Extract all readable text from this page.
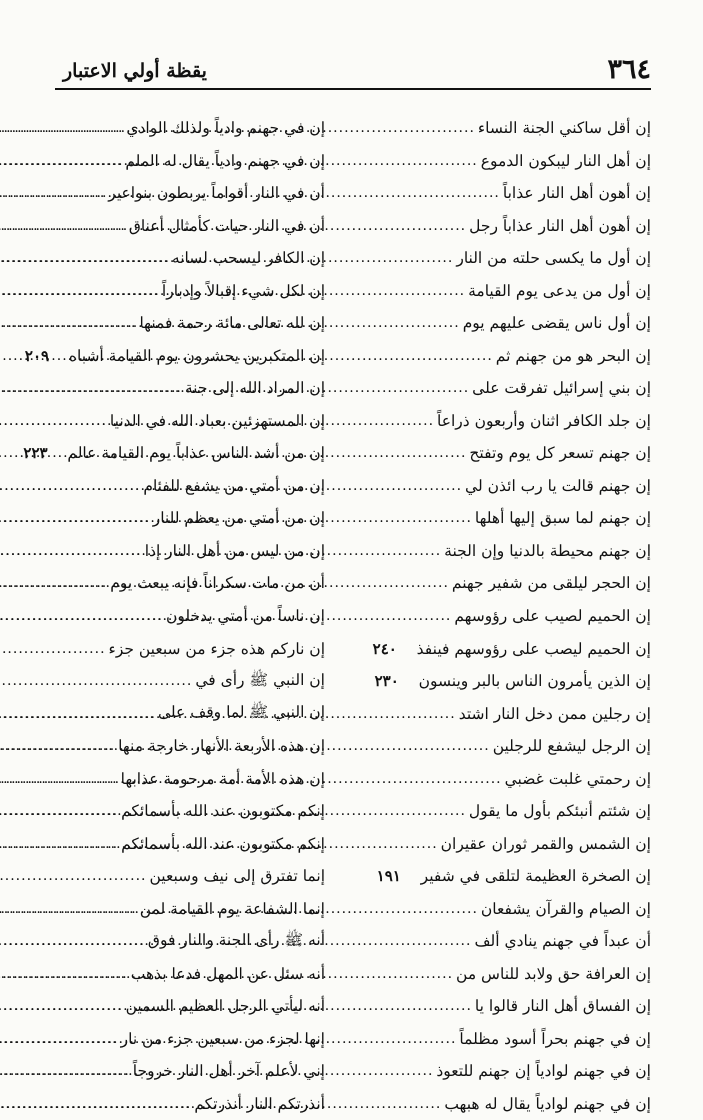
٣٦٤
يقظة أولي الاعتبار
إن أقل ساكني الجنة النساء
.....
إن أهل النار ليبكون الدموع
.....
إن أهون أهل النار عذاباً
.....
إن أهون أهل النار عذاباً رجل
.....
إن أول ما يكسى حلته من النار
.....
إن أول من يدعى يوم القيامة
.....
إن أول ناس يقضى عليهم يوم
.....
إن البحر هو من جهنم ثم
.....
إن بني إسرائيل تفرقت على
.....
إن جلد الكافر اثنان وأربعون ذراعاً
.....
إن جهنم تسعر كل يوم وتفتح
.....
إن جهنم قالت يا رب ائذن لي
.....
إن جهنم لما سبق إليها أهلها
.....
إن جهنم محيطة بالدنيا وإن الجنة
.....
إن الحجر ليلقى من شفير جهنم
.....
إن الحميم لصيب على رؤوسهم
.....
إن الحميم ليصب على رؤوسهم فينفذ
٢٤٠
إن الذين يأمرون الناس بالبر وينسون
٢٣٠
إن رجلين ممن دخل النار اشتد
.....
إن الرجل ليشفع للرجلين
.....
إن رحمتي غلبت غضبي
.....
إن شئتم أنبئكم بأول ما يقول
.....
إن الشمس والقمر ثوران عقيران
.....
إن الصخرة العظيمة لتلقى في شفير
١٩١
إن الصيام والقرآن يشفعان
.....
أن عبداً في جهنم ينادي ألف
.....
إن العرافة حق ولابد للناس من
.....
إن الفساق أهل النار قالوا يا
.....
إن في جهنم بحراً أسود مظلماً
.....
إن في جهنم لوادياً إن جهنم للتعوذ
.....
إن في جهنم لوادياً يقال له هبهب
.....
إن في جهنم وادياً ولذلك الوادي
.....
إن في جهنم وادياً يقال له الملم
.....
أن في النار أقواماً يربطون بنواعير
.....
أن في النار حيات كأمثال أعناق
.....
إن الكافر ليسحب لسانه
.....
إن لكل شيء إقبالاً وإدباراً
.....
إن لله تعالى مائة رحمة فمنها
.....
إن المتكبرين يحشرون يوم القيامة أشباه
٢٠٩
إن المراد الله إلى جنة
.....
إن المستهزئين بعباد الله في الدنيا
.....
إن من أشد الناس عذاباً يوم القيامة عالم
٢٢٣
إن من أمتي من يشفع للفئام
.....
إن من أمتي من يعظم للنار
.....
إن من ليس من أهل النار إذا
.....
أن من مات سكراناً فإنه يبعث يوم
.....
إن ناساً من أمتي يدخلون
.....
إن ناركم هذه جزء من سبعين جزء
.....
إن النبي ﷺ رأى في
.....
إن النبي ﷺ لما وقف على
.....
إن هذه الأربعة الأنهار خارجة منها
.....
إن هذه الأمة أمة مرحومة عذابها
.....
إنكم مكتوبون عند الله بأسمائكم
.....
إنكم مكتوبون عند الله بأسمائكم
.....
إنما تفترق إلى نيف وسبعين
.....
إنما الشفاعة يوم القيامة لمن
.....
أنه ﷺ رأى الجنة والنار فوق
.....
أنه سئل عن المهل فدعا بذهب
.....
أنه ليأتي الرجل العظيم السمين
.....
إنها لجزء من سبعين جزء من نار
.....
إني لأعلم آخر أهل النار خروجاً
.....
أنذرتكم النار أنذرتكم
.....
